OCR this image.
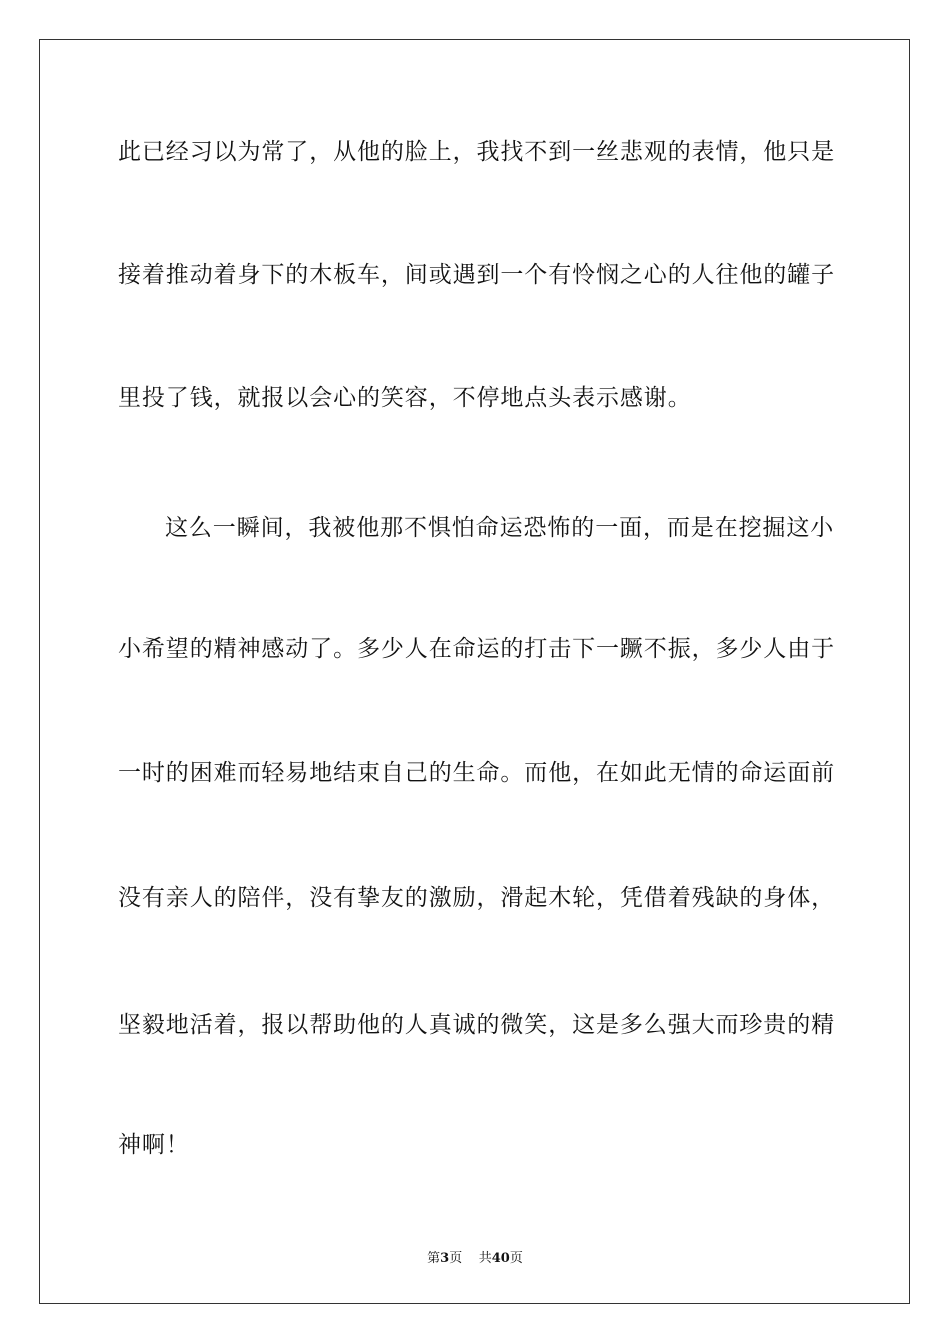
此已经习以为常了，从他的脸上，我找不到一丝悲观的表情，他只是
接着推动着身下的木板车，间或遇到一个有怜悯之心的人往他的罐子
里投了钱，就报以会心的笑容，不停地点头表示感谢。
这么一瞬间，我被他那不惧怕命运恐怖的一面，而是在挖掘这小
小希望的精神感动了。多少人在命运的打击下一蹶不振，多少人由于
一时的困难而轻易地结束自己的生命。而他，在如此无情的命运面前
没有亲人的陪伴，没有挚友的激励，滑起木轮，凭借着残缺的身体，
坚毅地活着，报以帮助他的人真诚的微笑，这是多么强大而珍贵的精
神啊！
第3页 共40页
